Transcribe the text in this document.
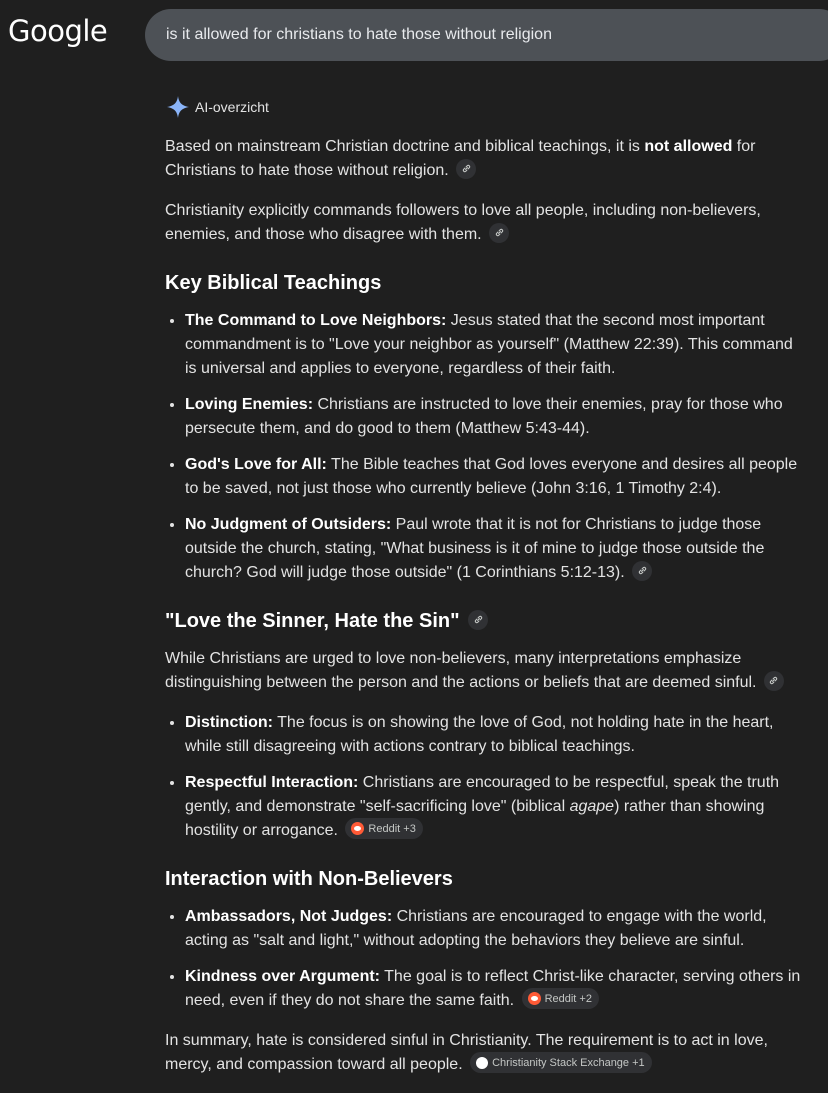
Google
is it allowed for christians to hate those without religion
AI-overzicht

Based on mainstream Christian doctrine and biblical teachings, it is not allowed for Christians to hate those without religion.

Christianity explicitly commands followers to love all people, including non-believers, enemies, and those who disagree with them.

Key Biblical Teachings
• The Command to Love Neighbors: Jesus stated that the second most important commandment is to "Love your neighbor as yourself" (Matthew 22:39). This command is universal and applies to everyone, regardless of their faith.
• Loving Enemies: Christians are instructed to love their enemies, pray for those who persecute them, and do good to them (Matthew 5:43-44).
• God's Love for All: The Bible teaches that God loves everyone and desires all people to be saved, not just those who currently believe (John 3:16, 1 Timothy 2:4).
• No Judgment of Outsiders: Paul wrote that it is not for Christians to judge those outside the church, stating, "What business is it of mine to judge those outside the church? God will judge those outside" (1 Corinthians 5:12-13).
"Love the Sinner, Hate the Sin"

While Christians are urged to love non-believers, many interpretations emphasize distinguishing between the person and the actions or beliefs that are deemed sinful.

• Distinction: The focus is on showing the love of God, not holding hate in the heart, while still disagreeing with actions contrary to biblical teachings.
• Respectful Interaction: Christians are encouraged to be respectful, speak the truth gently, and demonstrate "self-sacrificing love" (biblical agape) rather than showing hostility or arrogance.	Reddit +3
Interaction with Non-Believers
• Ambassadors, Not Judges: Christians are encouraged to engage with the world, acting as "salt and light," without adopting the behaviors they believe are sinful.
• Kindness over Argument: The goal is to reflect Christ-like character, serving others in need, even if they do not share the same faith.	Reddit +2

In summary, hate is considered sinful in Christianity. The requirement is to act in love, mercy, and compassion toward all people.	Christianity Stack Exchange +1
